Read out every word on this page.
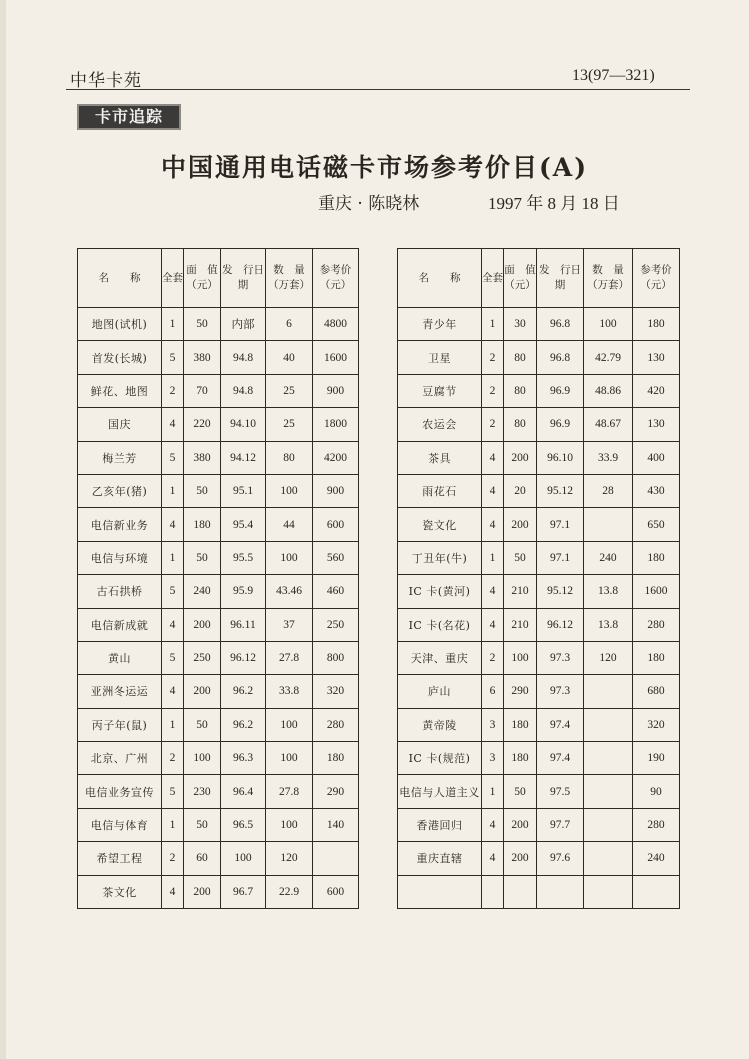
中华卡苑	13(97—321)
卡市追踪
中国通用电话磁卡市场参考价目(A)
重庆 · 陈晓林	1997 年 8 月 18 日
名　　称	全套	面　值（元）	发　行日　期	数　量（万套）	参考价（元）
地图(试机)	1	50	内部	6	4800
首发(长城)	5	380	94.8	40	1600
鲜花、地图	2	70	94.8	25	900
国庆	4	220	94.10	25	1800
梅兰芳	5	380	94.12	80	4200
乙亥年(猪)	1	50	95.1	100	900
电信新业务	4	180	95.4	44	600
电信与环境	1	50	95.5	100	560
古石拱桥	5	240	95.9	43.46	460
电信新成就	4	200	96.11	37	250
黄山	5	250	96.12	27.8	800
亚洲冬运运	4	200	96.2	33.8	320
丙子年(鼠)	1	50	96.2	100	280
北京、广州	2	100	96.3	100	180
电信业务宣传	5	230	96.4	27.8	290
电信与体育	1	50	96.5	100	140
希望工程	2	60	100	120	
茶文化	4	200	96.7	22.9	600
名　　称	全套	面　值（元）	发　行日　期	数　量（万套）	参考价（元）
青少年	1	30	96.8	100	180
卫星	2	80	96.8	42.79	130
豆腐节	2	80	96.9	48.86	420
农运会	2	80	96.9	48.67	130
茶具	4	200	96.10	33.9	400
雨花石	4	20	95.12	28	430
瓷文化	4	200	97.1		650
丁丑年(牛)	1	50	97.1	240	180
IC 卡(黄河)	4	210	95.12	13.8	1600
IC 卡(名花)	4	210	96.12	13.8	280
天津、重庆	2	100	97.3	120	180
庐山	6	290	97.3		680
黄帝陵	3	180	97.4		320
IC 卡(规范)	3	180	97.4		190
电信与人道主义	1	50	97.5		90
香港回归	4	200	97.7		280
重庆直辖	4	200	97.6		240
